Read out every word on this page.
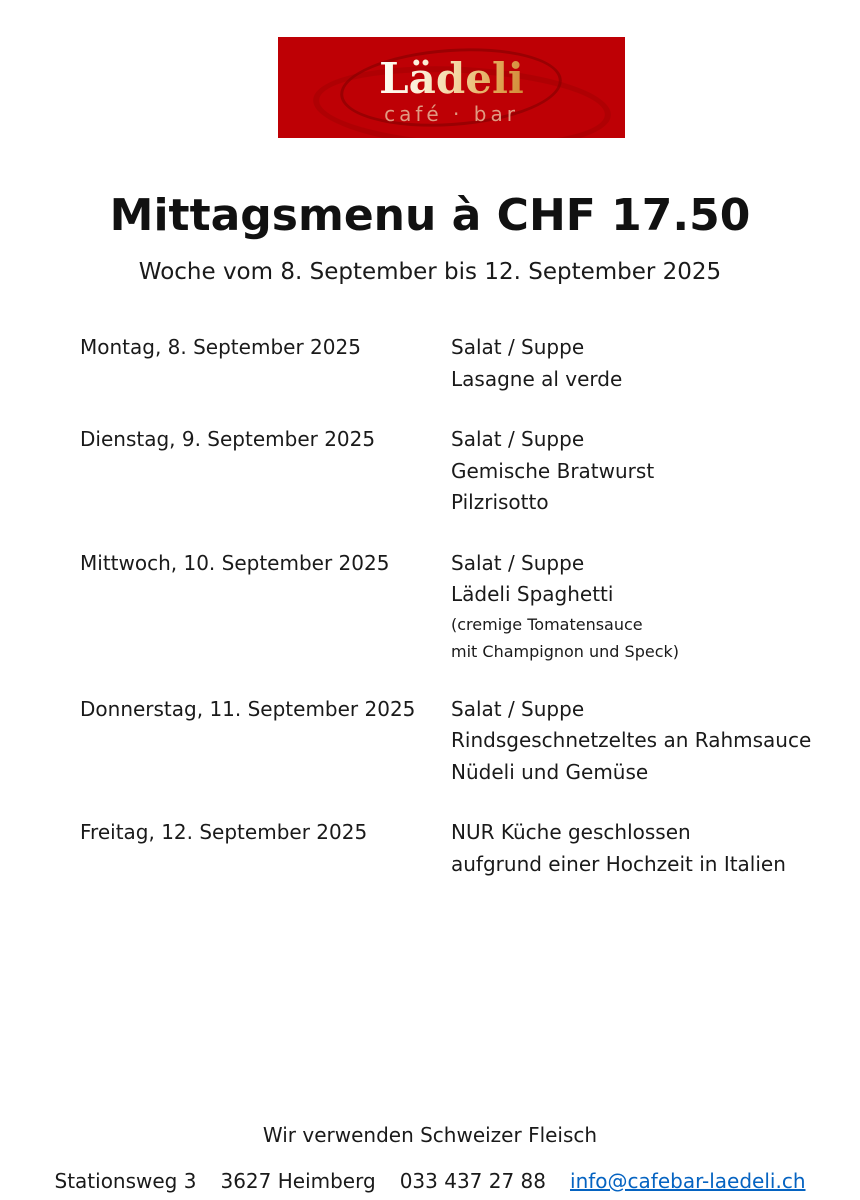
Lädeli
café · bar
Mittagsmenu à CHF 17.50
Woche vom 8. September bis 12. September 2025
Montag, 8. September 2025	Salat / Suppe
Lasagne al verde
Dienstag, 9. September 2025	Salat / Suppe
Gemische Bratwurst
Pilzrisotto
Mittwoch, 10. September 2025	Salat / Suppe
Lädeli Spaghetti
(cremige Tomatensauce
mit Champignon und Speck)
Donnerstag, 11. September 2025	Salat / Suppe
Rindsgeschnetzeltes an Rahmsauce
Nüdeli und Gemüse
Freitag, 12. September 2025	NUR Küche geschlossen
aufgrund einer Hochzeit in Italien
Wir verwenden Schweizer Fleisch
Stationsweg 3 3627 Heimberg 033 437 27 88 info@cafebar-laedeli.ch
